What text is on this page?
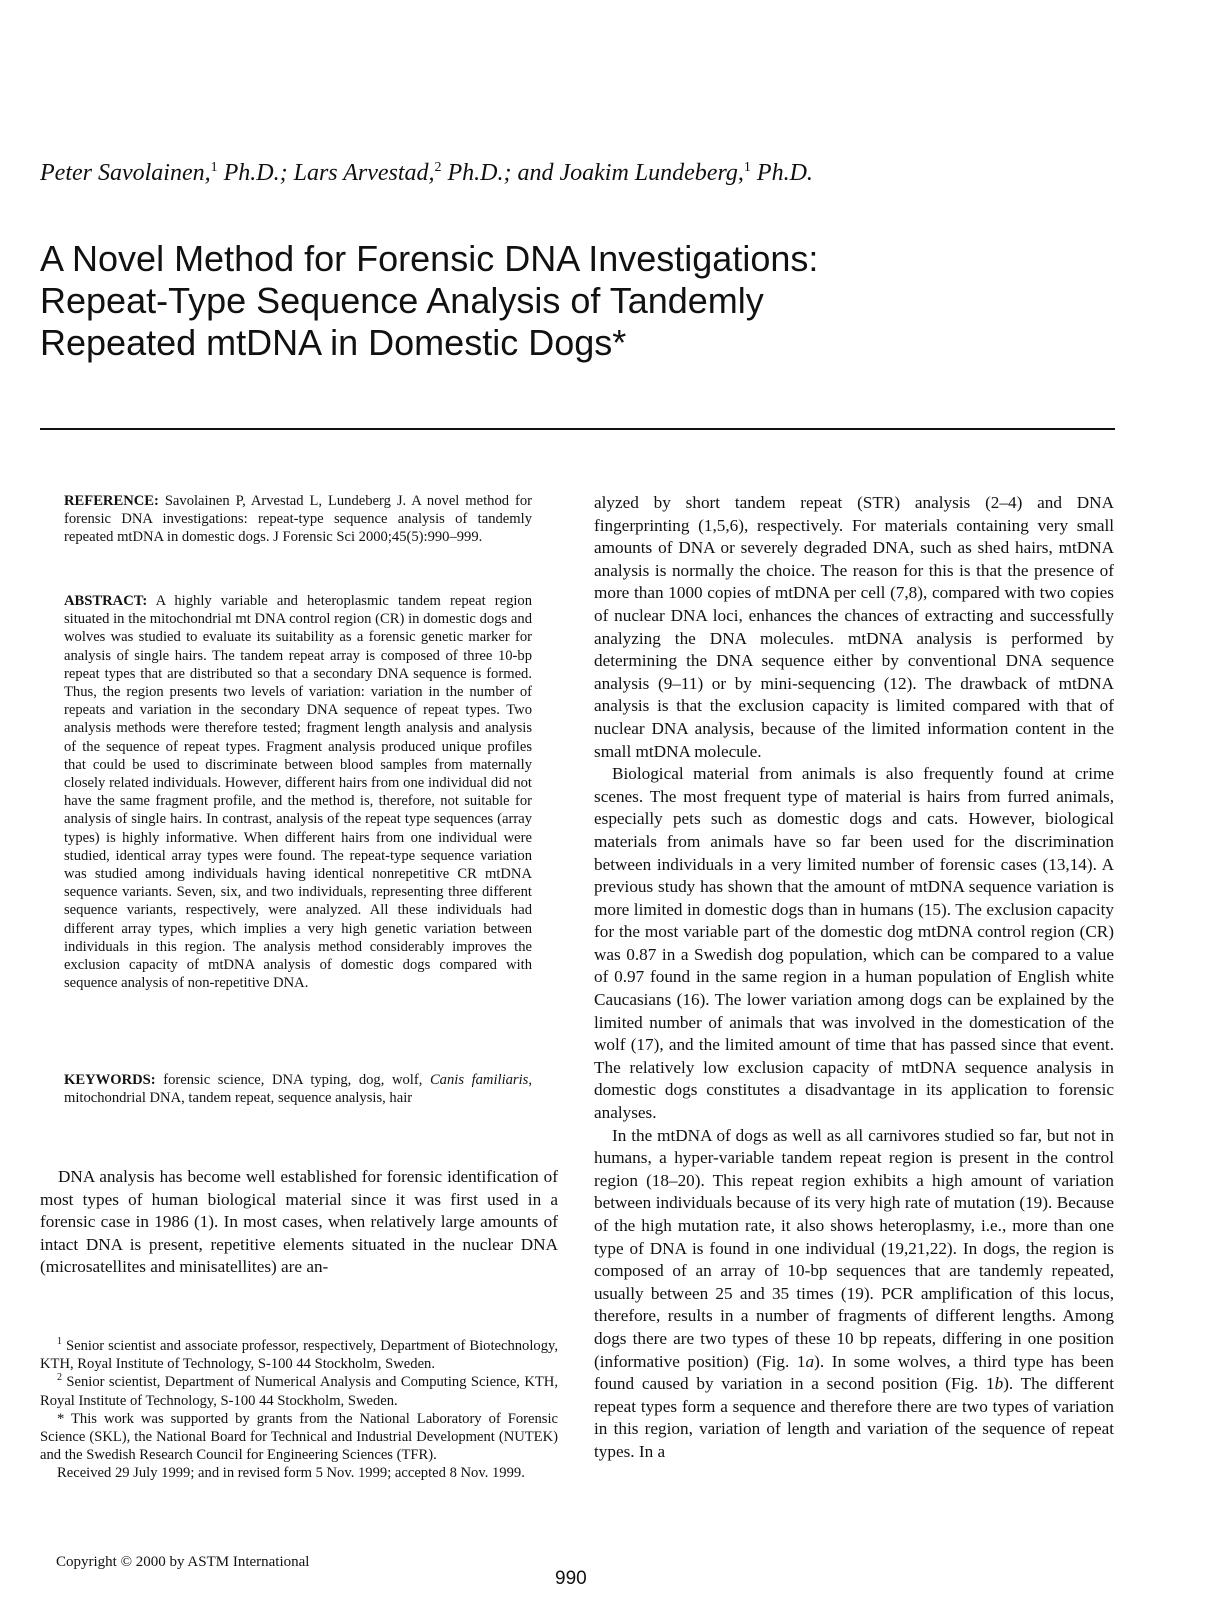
Peter Savolainen,$^1$ Ph.D.; Lars Arvestad,$^2$ Ph.D.; and Joakim Lundeberg,$^1$ Ph.D.
A Novel Method for Forensic DNA Investigations:
Repeat-Type Sequence Analysis of Tandemly
Repeated mtDNA in Domestic Dogs*
REFERENCE: Savolainen P, Arvestad L, Lundeberg J. A novel method for forensic DNA investigations: repeat-type sequence analysis of tandemly repeated mtDNA in domestic dogs. J Forensic Sci 2000;45(5):990–999.
ABSTRACT: A highly variable and heteroplasmic tandem repeat region situated in the mitochondrial mt DNA control region (CR) in domestic dogs and wolves was studied to evaluate its suitability as a forensic genetic marker for analysis of single hairs. The tandem repeat array is composed of three 10-bp repeat types that are distributed so that a secondary DNA sequence is formed. Thus, the region presents two levels of variation: variation in the number of repeats and variation in the secondary DNA sequence of repeat types. Two analysis methods were therefore tested; fragment length analysis and analysis of the sequence of repeat types. Fragment analysis produced unique profiles that could be used to discriminate between blood samples from maternally closely related individuals. However, different hairs from one individual did not have the same fragment profile, and the method is, therefore, not suitable for analysis of single hairs. In contrast, analysis of the repeat type sequences (array types) is highly informative. When different hairs from one individual were studied, identical array types were found. The repeat-type sequence variation was studied among individuals having identical nonrepetitive CR mtDNA sequence variants. Seven, six, and two individuals, representing three different sequence variants, respectively, were analyzed. All these individuals had different array types, which implies a very high genetic variation between individuals in this region. The analysis method considerably improves the exclusion capacity of mtDNA analysis of domestic dogs compared with sequence analysis of non-repetitive DNA.
KEYWORDS: forensic science, DNA typing, dog, wolf, Canis familiaris, mitochondrial DNA, tandem repeat, sequence analysis, hair

DNA analysis has become well established for forensic identification of most types of human biological material since it was first used in a forensic case in 1986 (1). In most cases, when relatively large amounts of intact DNA is present, repetitive elements situated in the nuclear DNA (microsatellites and minisatellites) are an-

$^1$ Senior scientist and associate professor, respectively, Department of Biotechnology, KTH, Royal Institute of Technology, S-100 44 Stockholm, Sweden.

$^2$ Senior scientist, Department of Numerical Analysis and Computing Science, KTH, Royal Institute of Technology, S-100 44 Stockholm, Sweden.

* This work was supported by grants from the National Laboratory of Forensic Science (SKL), the National Board for Technical and Industrial Development (NUTEK) and the Swedish Research Council for Engineering Sciences (TFR).

Received 29 July 1999; and in revised form 5 Nov. 1999; accepted 8 Nov. 1999.

alyzed by short tandem repeat (STR) analysis (2–4) and DNA fingerprinting (1,5,6), respectively. For materials containing very small amounts of DNA or severely degraded DNA, such as shed hairs, mtDNA analysis is normally the choice. The reason for this is that the presence of more than 1000 copies of mtDNA per cell (7,8), compared with two copies of nuclear DNA loci, enhances the chances of extracting and successfully analyzing the DNA molecules. mtDNA analysis is performed by determining the DNA sequence either by conventional DNA sequence analysis (9–11) or by mini-sequencing (12). The drawback of mtDNA analysis is that the exclusion capacity is limited compared with that of nuclear DNA analysis, because of the limited information content in the small mtDNA molecule.

Biological material from animals is also frequently found at crime scenes. The most frequent type of material is hairs from furred animals, especially pets such as domestic dogs and cats. However, biological materials from animals have so far been used for the discrimination between individuals in a very limited number of forensic cases (13,14). A previous study has shown that the amount of mtDNA sequence variation is more limited in domestic dogs than in humans (15). The exclusion capacity for the most variable part of the domestic dog mtDNA control region (CR) was 0.87 in a Swedish dog population, which can be compared to a value of 0.97 found in the same region in a human population of English white Caucasians (16). The lower variation among dogs can be explained by the limited number of animals that was involved in the domestication of the wolf (17), and the limited amount of time that has passed since that event. The relatively low exclusion capacity of mtDNA sequence analysis in domestic dogs constitutes a disadvantage in its application to forensic analyses.

In the mtDNA of dogs as well as all carnivores studied so far, but not in humans, a hyper-variable tandem repeat region is present in the control region (18–20). This repeat region exhibits a high amount of variation between individuals because of its very high rate of mutation (19). Because of the high mutation rate, it also shows heteroplasmy, i.e., more than one type of DNA is found in one individual (19,21,22). In dogs, the region is composed of an array of 10-bp sequences that are tandemly repeated, usually between 25 and 35 times (19). PCR amplification of this locus, therefore, results in a number of fragments of different lengths. Among dogs there are two types of these 10 bp repeats, differing in one position (informative position) (Fig. 1a). In some wolves, a third type has been found caused by variation in a second position (Fig. 1b). The different repeat types form a sequence and therefore there are two types of variation in this region, variation of length and variation of the sequence of repeat types. In a

Copyright © 2000 by ASTM International
990
